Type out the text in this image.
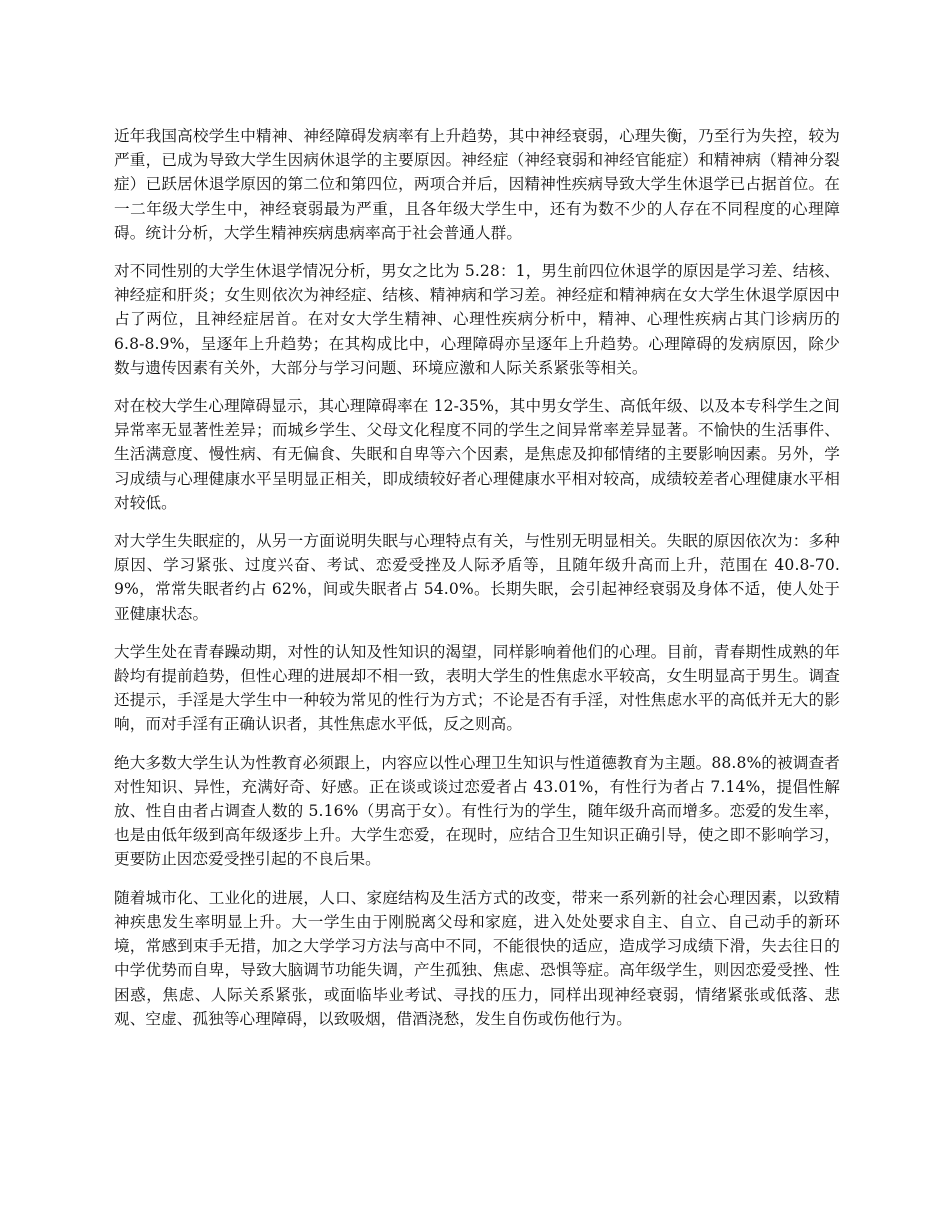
近年我国高校学生中精神、神经障碍发病率有上升趋势，其中神经衰弱，心理失衡，乃至行为失控，较为严重，已成为导致大学生因病休退学的主要原因。神经症（神经衰弱和神经官能症）和精神病（精神分裂症）已跃居休退学原因的第二位和第四位，两项合并后，因精神性疾病导致大学生休退学已占据首位。在一二年级大学生中，神经衰弱最为严重，且各年级大学生中，还有为数不少的人存在不同程度的心理障碍。统计分析，大学生精神疾病患病率高于社会普通人群。

对不同性别的大学生休退学情况分析，男女之比为 5.28：1，男生前四位休退学的原因是学习差、结核、神经症和肝炎；女生则依次为神经症、结核、精神病和学习差。神经症和精神病在女大学生休退学原因中占了两位，且神经症居首。在对女大学生精神、心理性疾病分析中，精神、心理性疾病占其门诊病历的 6.8-8.9%，呈逐年上升趋势；在其构成比中，心理障碍亦呈逐年上升趋势。心理障碍的发病原因，除少数与遗传因素有关外，大部分与学习问题、环境应激和人际关系紧张等相关。

对在校大学生心理障碍显示，其心理障碍率在 12-35%，其中男女学生、高低年级、以及本专科学生之间异常率无显著性差异；而城乡学生、父母文化程度不同的学生之间异常率差异显著。不愉快的生活事件、生活满意度、慢性病、有无偏食、失眠和自卑等六个因素，是焦虑及抑郁情绪的主要影响因素。另外，学习成绩与心理健康水平呈明显正相关，即成绩较好者心理健康水平相对较高，成绩较差者心理健康水平相对较低。

对大学生失眠症的，从另一方面说明失眠与心理特点有关，与性别无明显相关。失眠的原因依次为：多种原因、学习紧张、过度兴奋、考试、恋爱受挫及人际矛盾等，且随年级升高而上升，范围在 40.8-70.9%，常常失眠者约占 62%，间或失眠者占 54.0%。长期失眠，会引起神经衰弱及身体不适，使人处于亚健康状态。

大学生处在青春躁动期，对性的认知及性知识的渴望，同样影响着他们的心理。目前，青春期性成熟的年龄均有提前趋势，但性心理的进展却不相一致，表明大学生的性焦虑水平较高，女生明显高于男生。调查还提示，手淫是大学生中一种较为常见的性行为方式；不论是否有手淫，对性焦虑水平的高低并无大的影响，而对手淫有正确认识者，其性焦虑水平低，反之则高。

绝大多数大学生认为性教育必须跟上，内容应以性心理卫生知识与性道德教育为主题。88.8%的被调查者对性知识、异性，充满好奇、好感。正在谈或谈过恋爱者占 43.01%，有性行为者占 7.14%，提倡性解放、性自由者占调查人数的 5.16%（男高于女）。有性行为的学生，随年级升高而增多。恋爱的发生率，也是由低年级到高年级逐步上升。大学生恋爱，在现时，应结合卫生知识正确引导，使之即不影响学习，更要防止因恋爱受挫引起的不良后果。

随着城市化、工业化的进展，人口、家庭结构及生活方式的改变，带来一系列新的社会心理因素，以致精神疾患发生率明显上升。大一学生由于刚脱离父母和家庭，进入处处要求自主、自立、自己动手的新环境，常感到束手无措，加之大学学习方法与高中不同，不能很快的适应，造成学习成绩下滑，失去往日的中学优势而自卑，导致大脑调节功能失调，产生孤独、焦虑、恐惧等症。高年级学生，则因恋爱受挫、性困惑，焦虑、人际关系紧张，或面临毕业考试、寻找的压力，同样出现神经衰弱，情绪紧张或低落、悲观、空虚、孤独等心理障碍，以致吸烟，借酒浇愁，发生自伤或伤他行为。
